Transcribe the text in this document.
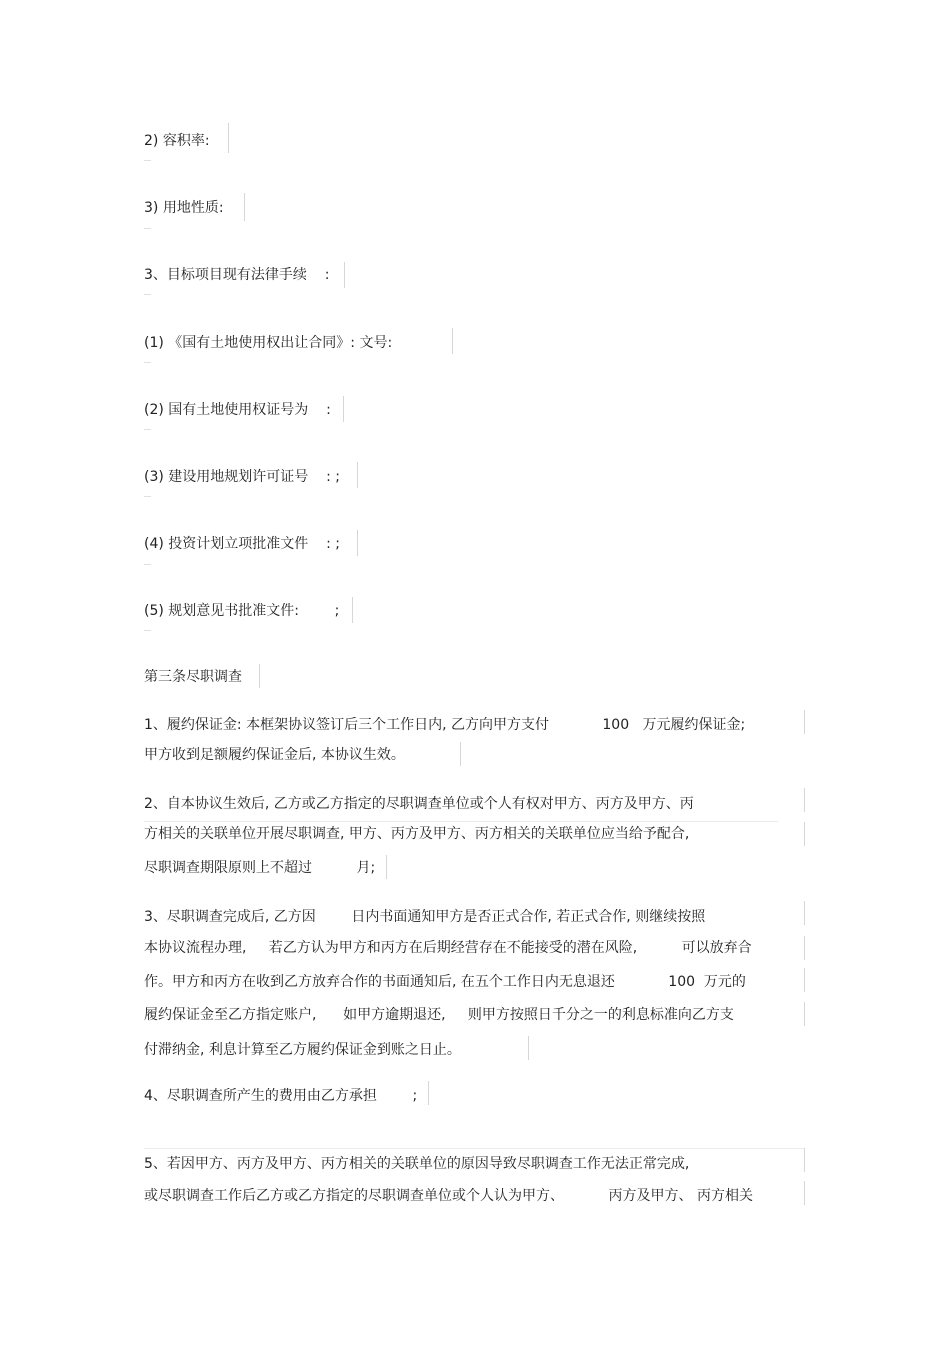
2) 容积率:
3) 用地性质:
3、目标项目现有法律手续    :
(1) 《国有土地使用权出让合同》: 文号:
(2) 国有土地使用权证号为    :
(3) 建设用地规划许可证号    : ;
(4) 投资计划立项批准文件    : ;
(5) 规划意见书批准文件:        ;
第三条尽职调查
1、履约保证金: 本框架协议签订后三个工作日内, 乙方向甲方支付            100   万元履约保证金;
甲方收到足额履约保证金后, 本协议生效。
2、自本协议生效后, 乙方或乙方指定的尽职调查单位或个人有权对甲方、丙方及甲方、丙
方相关的关联单位开展尽职调查, 甲方、丙方及甲方、丙方相关的关联单位应当给予配合,
尽职调查期限原则上不超过          月;
3、尽职调查完成后, 乙方因        日内书面通知甲方是否正式合作, 若正式合作, 则继续按照
本协议流程办理,     若乙方认为甲方和丙方在后期经营存在不能接受的潜在风险,          可以放弃合
作。甲方和丙方在收到乙方放弃合作的书面通知后, 在五个工作日内无息退还            100  万元的
履约保证金至乙方指定账户,      如甲方逾期退还,     则甲方按照日千分之一的利息标准向乙方支
付滞纳金, 利息计算至乙方履约保证金到账之日止。
4、尽职调查所产生的费用由乙方承担        ;
5、若因甲方、丙方及甲方、丙方相关的关联单位的原因导致尽职调查工作无法正常完成,
或尽职调查工作后乙方或乙方指定的尽职调查单位或个人认为甲方、          丙方及甲方、 丙方相关
